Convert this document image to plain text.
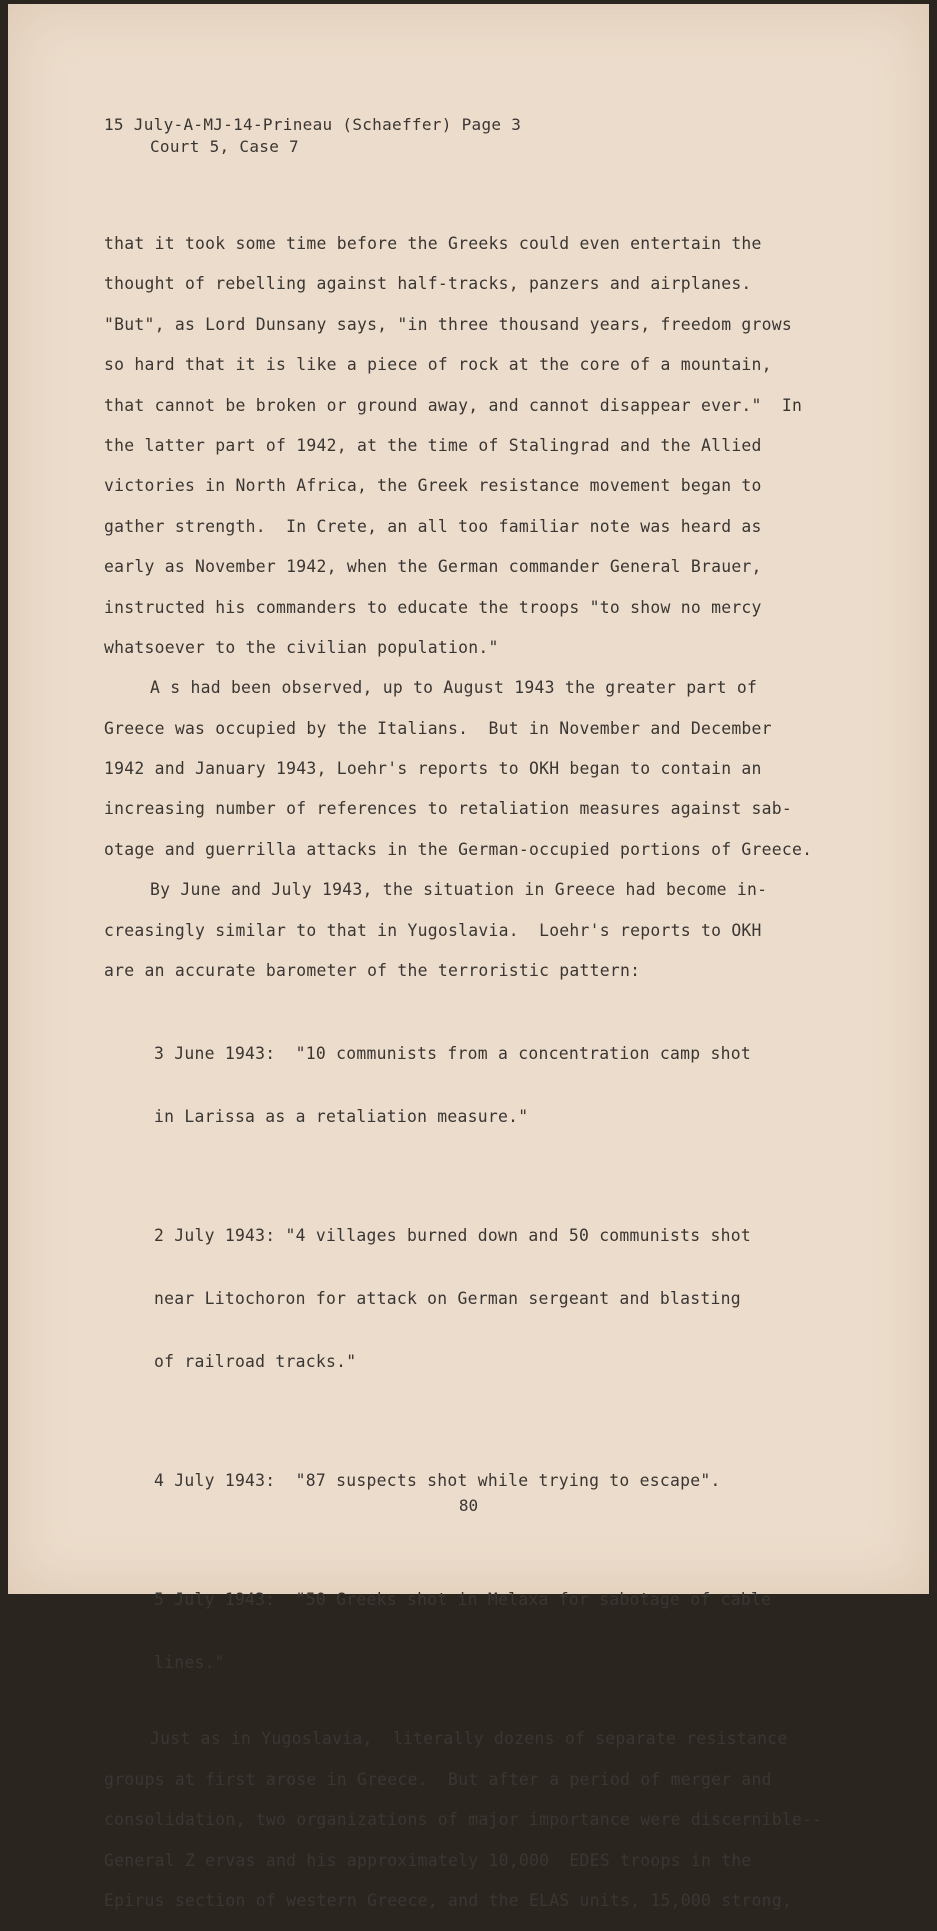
15 July-A-MJ-14-Prineau (Schaeffer) Page 3
Court 5, Case 7
that it took some time before the Greeks could even entertain the
thought of rebelling against half-tracks, panzers and airplanes.
"But", as Lord Dunsany says, "in three thousand years, freedom grows
so hard that it is like a piece of rock at the core of a mountain,
that cannot be broken or ground away, and cannot disappear ever."  In
the latter part of 1942, at the time of Stalingrad and the Allied
victories in North Africa, the Greek resistance movement began to
gather strength.  In Crete, an all too familiar note was heard as
early as November 1942, when the German commander General Brauer,
instructed his commanders to educate the troops "to show no mercy
whatsoever to the civilian population."
A s had been observed, up to August 1943 the greater part of
Greece was occupied by the Italians.  But in November and December
1942 and January 1943, Loehr's reports to OKH began to contain an
increasing number of references to retaliation measures against sab-
otage and guerrilla attacks in the German-occupied portions of Greece.
By June and July 1943, the situation in Greece had become in-
creasingly similar to that in Yugoslavia.  Loehr's reports to OKH
are an accurate barometer of the terroristic pattern:

3 June 1943:  "10 communists from a concentration camp shot

in Larissa as a retaliation measure."

2 July 1943: "4 villages burned down and 50 communists shot

near Litochoron for attack on German sergeant and blasting

of railroad tracks."

4 July 1943:  "87 suspects shot while trying to escape".

5 July 1943:  "50 Greeks shot in Melaxa for sabotage of cable

lines."

Just as in Yugoslavia,  literally dozens of separate resistance
groups at first arose in Greece.  But after a period of merger and
consolidation, two organizations of major importance were discernible--
General Z ervas and his approximately 10,000  EDES troops in the
Epirus section of western Greece, and the ELAS units, 15,000 strong,
80
